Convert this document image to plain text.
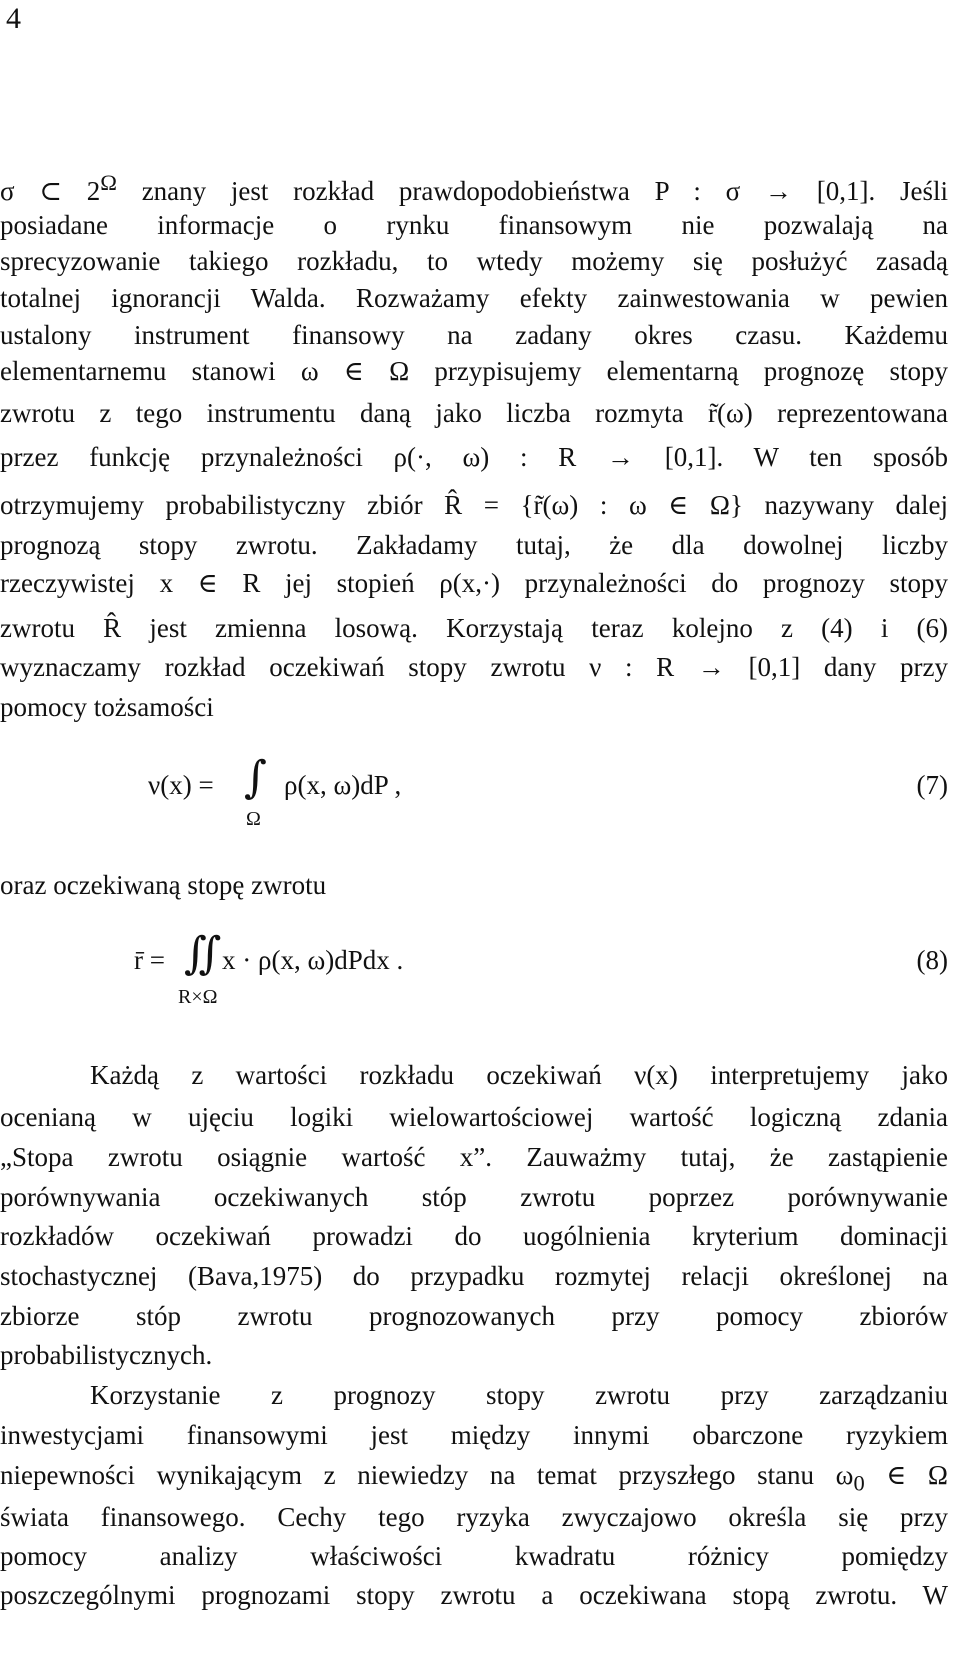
4
σ ⊂ $2^\Omega$ znany jest rozkład prawdopodobieństwa P : σ → [0,1]. Jeśli
posiadane informacje o rynku finansowym nie pozwalają na
sprecyzowanie takiego rozkładu, to wtedy możemy się posłużyć zasadą
totalnej ignorancji Walda. Rozważamy efekty zainwestowania w pewien
ustalony instrument finansowy na zadany okres czasu. Każdemu
elementarnemu stanowi ω ∈ Ω przypisujemy elementarną prognozę stopy
zwrotu z tego instrumentu daną jako liczba rozmyta r̃(ω) reprezentowana
przez funkcję przynależności ρ(·, ω) : R → [0,1]. W ten sposób
otrzymujemy probabilistyczny zbiór R̂ = {r̃(ω) : ω ∈ Ω} nazywany dalej
prognozą stopy zwrotu. Zakładamy tutaj, że dla dowolnej liczby
rzeczywistej x ∈ R jej stopień ρ(x,·) przynależności do prognozy stopy
zwrotu R̂ jest zmienna losową. Korzystają teraz kolejno z (4) i (6)
wyznaczamy rozkład oczekiwań stopy zwrotu ν : R → [0,1] dany przy
pomocy tożsamości
ν(x) = ∫ ρ(x, ω)dP ,
Ω
(7)
oraz oczekiwaną stopę zwrotu
r̄ = ∬ x · ρ(x, ω)dPdx .
R×Ω
(8)
Każdą z wartości rozkładu oczekiwań ν(x) interpretujemy jako
ocenianą w ujęciu logiki wielowartościowej wartość logiczną zdania
„Stopa zwrotu osiągnie wartość x”. Zauważmy tutaj, że zastąpienie
porównywania oczekiwanych stóp zwrotu poprzez porównywanie
rozkładów oczekiwań prowadzi do uogólnienia kryterium dominacji
stochastycznej (Bava,1975) do przypadku rozmytej relacji określonej na
zbiorze stóp zwrotu prognozowanych przy pomocy zbiorów
probabilistycznych.
Korzystanie z prognozy stopy zwrotu przy zarządzaniu
inwestycjami finansowymi jest między innymi obarczone ryzykiem
niepewności wynikającym z niewiedzy na temat przyszłego stanu $\omega_0$ ∈ Ω
świata finansowego. Cechy tego ryzyka zwyczajowo określa się przy
pomocy analizy właściwości kwadratu różnicy pomiędzy
poszczególnymi prognozami stopy zwrotu a oczekiwana stopą zwrotu. W
